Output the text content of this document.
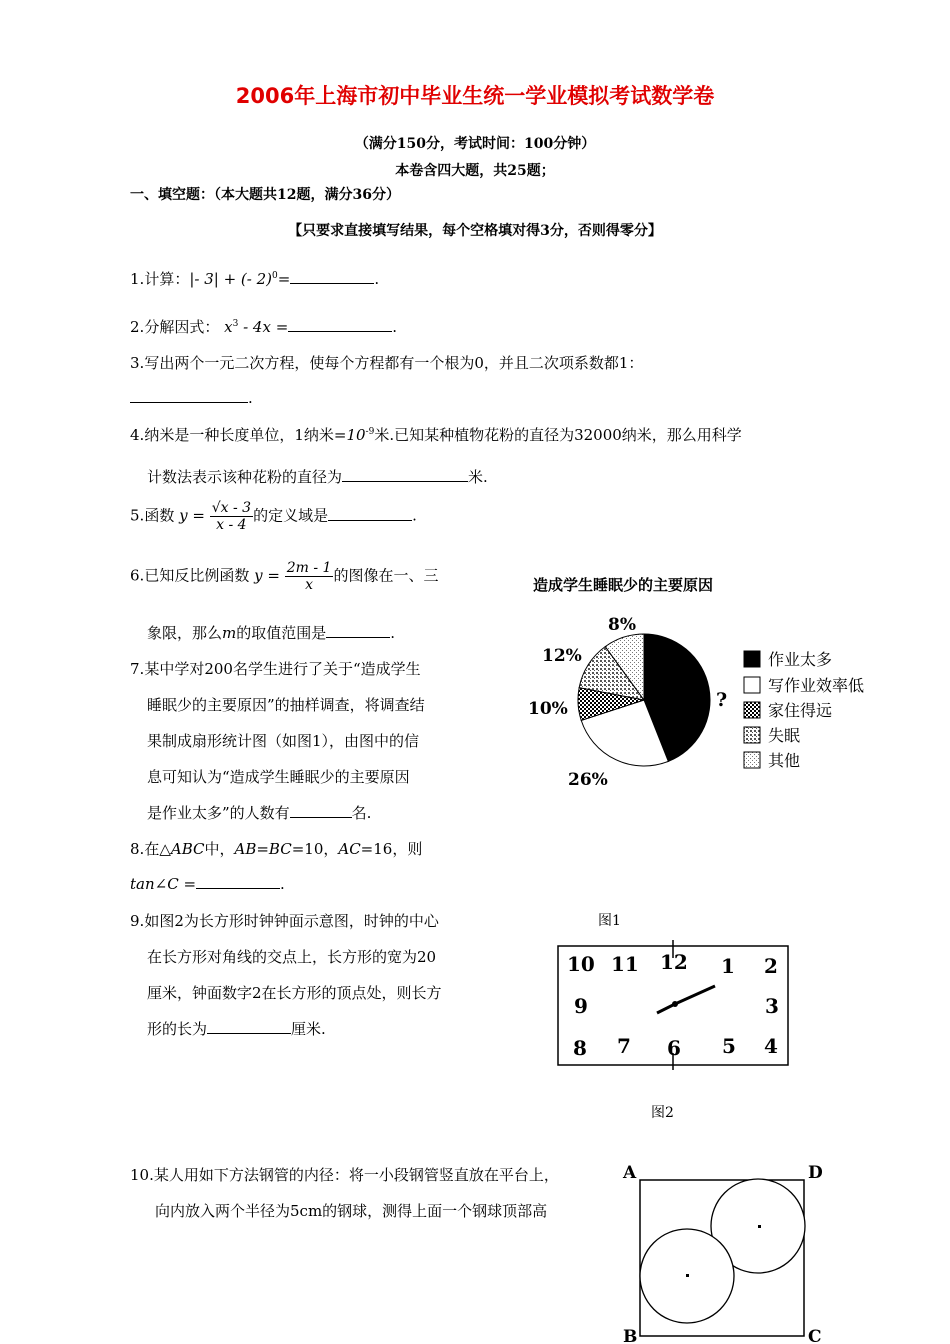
2006年上海市初中毕业生统一学业模拟考试数学卷
（满分150分，考试时间：100分钟）
本卷含四大题，共25题；
一、填空题：（本大题共12题，满分36分）
【只要求直接填写结果，每个空格填对得3分，否则得零分】
1.计算：|- 3| + (- 2)$^0$=	.
2.分解因式： $x^3 - 4x$ =	.
3.写出两个一元二次方程，使每个方程都有一个根为0，并且二次项系数都1：
.
4.纳米是一种长度单位，1纳米$=10^{-9}$米.已知某种植物花粉的直径为32000纳米，那么用科学
计数法表示该种花粉的直径为	米.
5.函数 $y = \frac{√x - 3}{x - 4}$ 的定义域是	.
6.已知反比例函数 $y = \frac{2m - 1}{x}$ 的图像在一、三
象限，那么m的取值范围是	.
7.某中学对200名学生进行了关于“造成学生
睡眠少的主要原因”的抽样调查，将调查结
果制成扇形统计图（如图1），由图中的信
息可知认为“造成学生睡眠少的主要原因
是作业太多”的人数有	名.
8.在△ABC中，AB=BC=10，AC=16，则
tan∠C =	.
9.如图2为长方形时钟钟面示意图，时钟的中心
在长方形对角线的交点上，长方形的宽为20
厘米，钟面数字2在长方形的顶点处，则长方
形的长为	厘米.
10.某人用如下方法钢管的内径：将一小段钢管竖直放在平台上，
向内放入两个半径为5cm的钢球，测得上面一个钢球顶部高
造成学生睡眠少的主要原因
8%
12%
10%
26%
?
作业太多
写作业效率低
家住得远
失眠
其他
图1
10 11 12 1 2
9	3
8 7 6 5 4
图2
A	D
B	C
